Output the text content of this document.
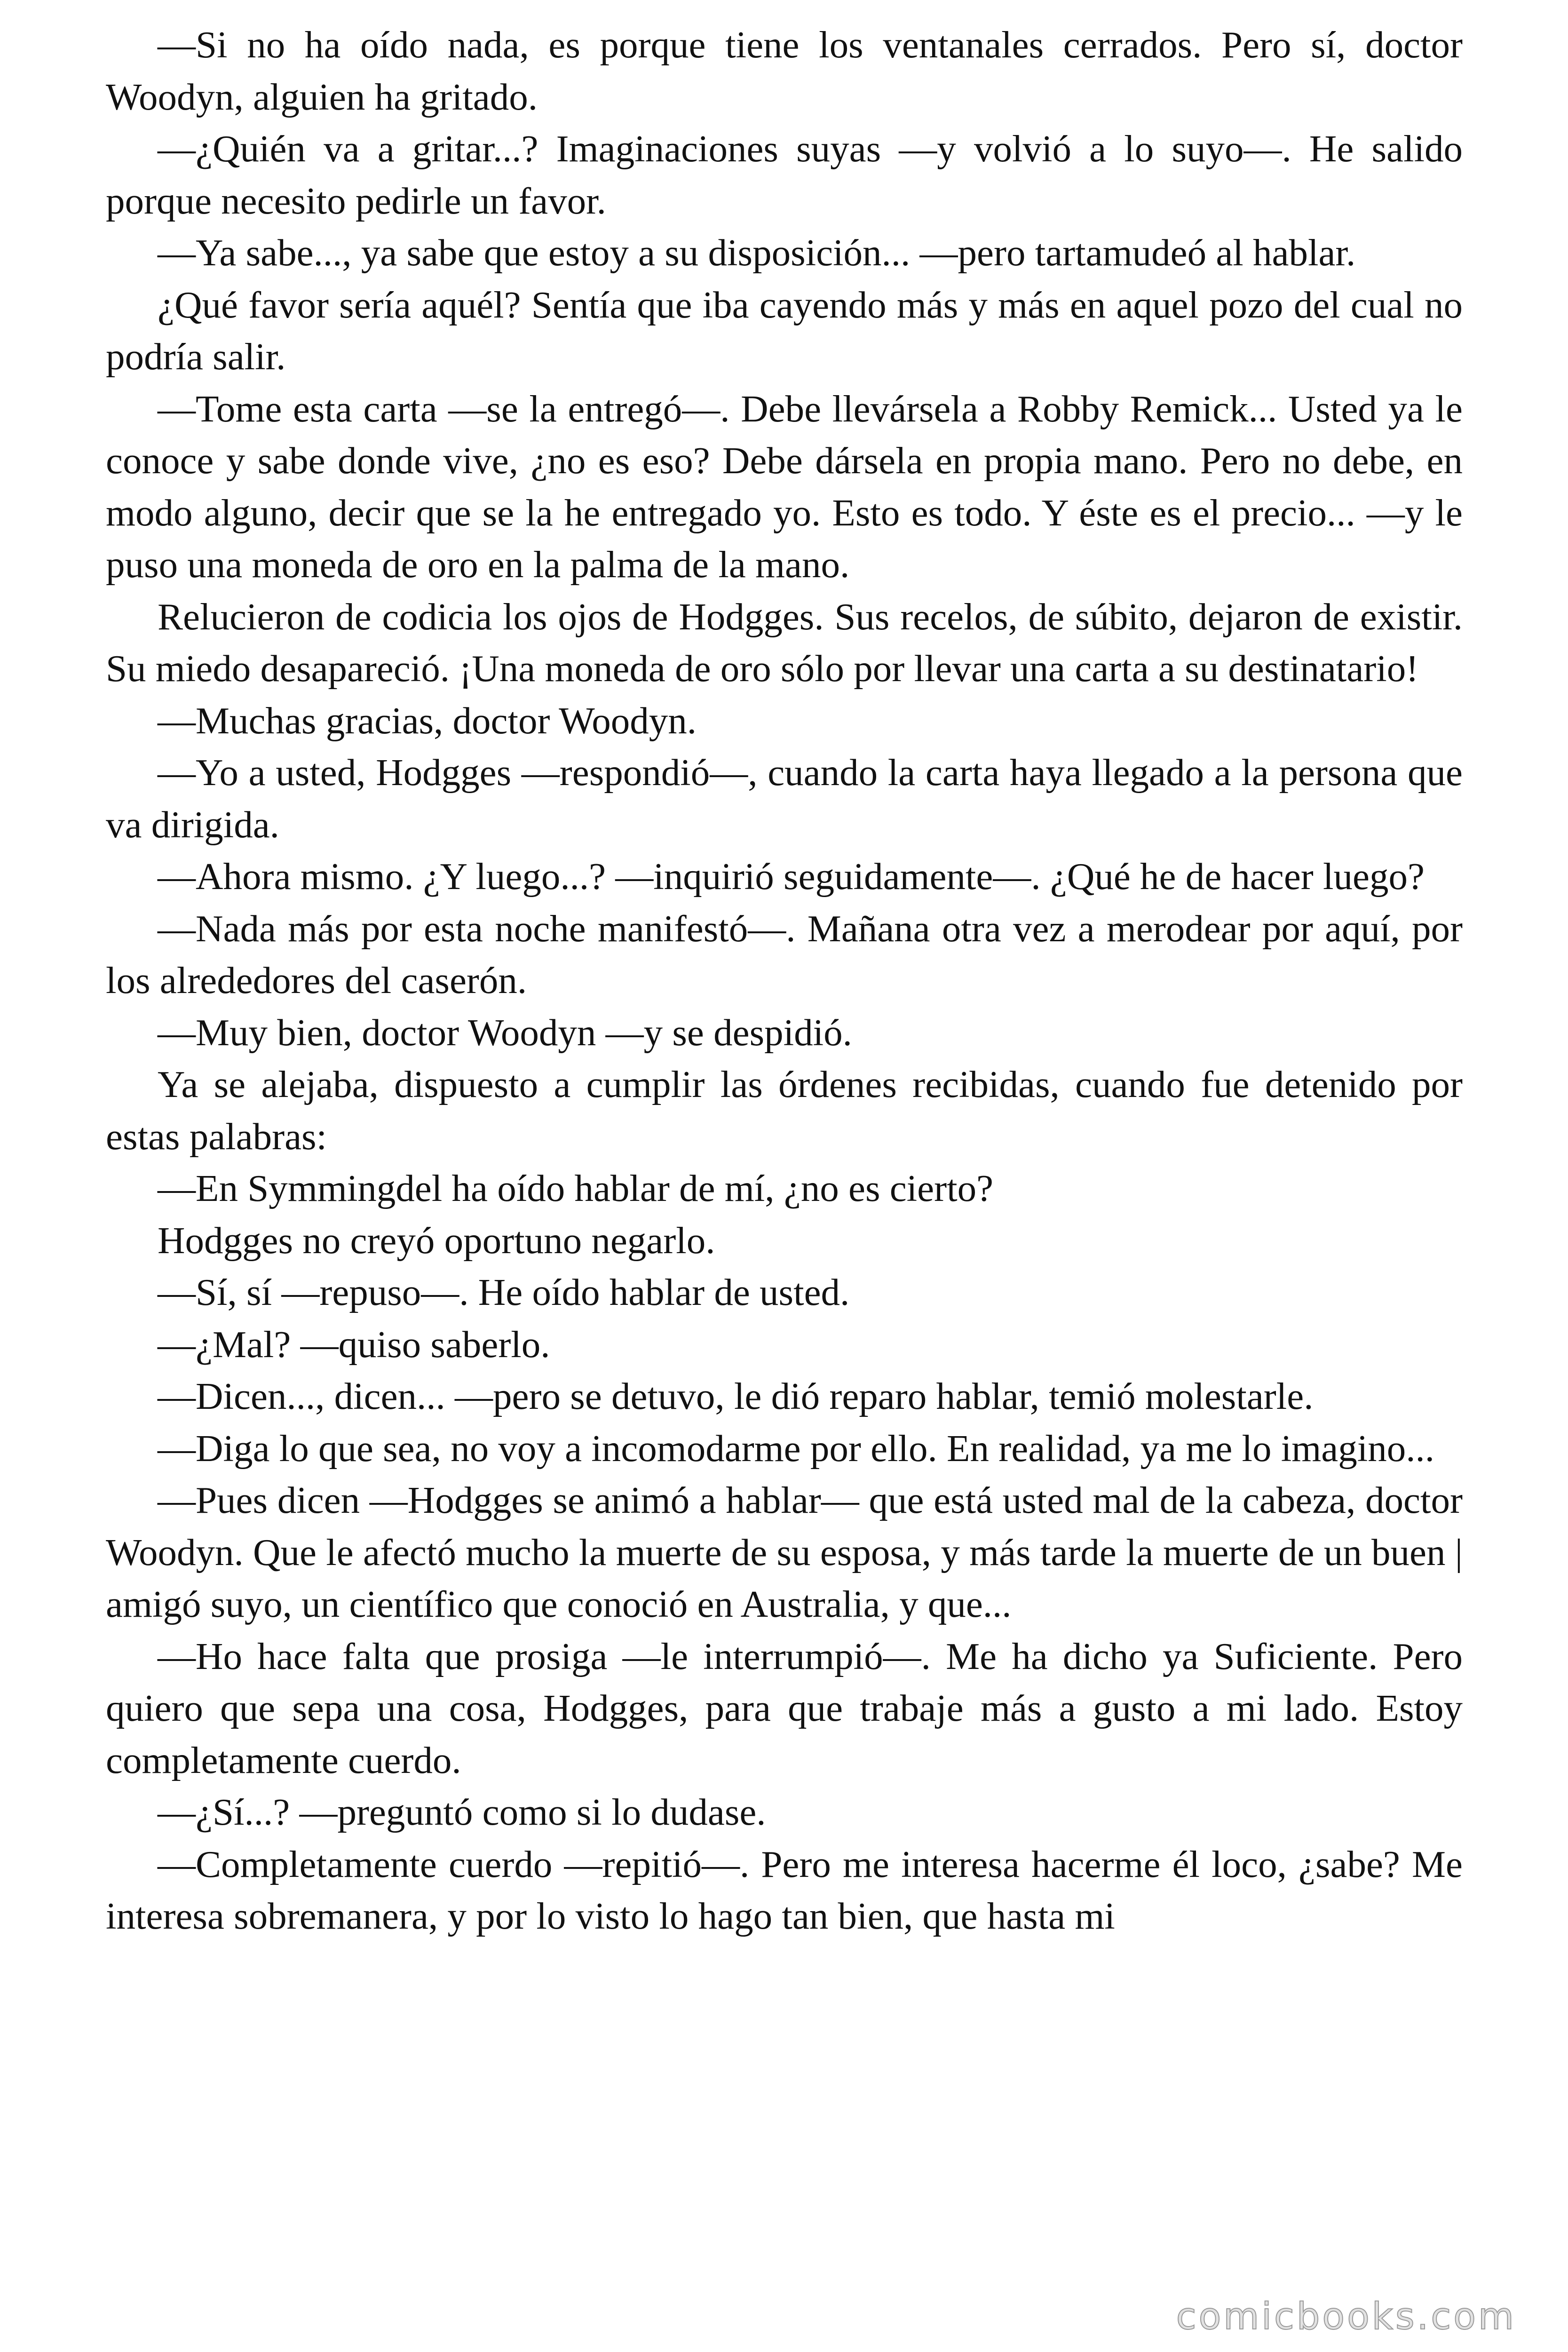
—Si no ha oído nada, es porque tiene los ventanales cerrados. Pero sí, doctor Woodyn, alguien ha gritado.

—¿Quién va a gritar...? Imaginaciones suyas —y volvió a lo suyo—. He salido porque necesito pedirle un favor.

—Ya sabe..., ya sabe que estoy a su disposición... —pero tartamudeó al hablar.

¿Qué favor sería aquél? Sentía que iba cayendo más y más en aquel pozo del cual no podría salir.

—Tome esta carta —se la entregó—. Debe llevársela a Robby Remick... Usted ya le conoce y sabe donde vive, ¿no es eso? Debe dársela en propia mano. Pero no debe, en modo alguno, decir que se la he entregado yo. Esto es todo. Y éste es el precio... —y le puso una moneda de oro en la palma de la mano.

Relucieron de codicia los ojos de Hodgges. Sus recelos, de súbito, dejaron de existir. Su miedo desapareció. ¡Una moneda de oro sólo por llevar una carta a su destinatario!

—Muchas gracias, doctor Woodyn.

—Yo a usted, Hodgges —respondió—, cuando la carta haya llegado a la persona que va dirigida.

—Ahora mismo. ¿Y luego...? —inquirió seguidamente—. ¿Qué he de hacer luego?

—Nada más por esta noche manifestó—. Mañana otra vez a merodear por aquí, por los alrededores del caserón.

—Muy bien, doctor Woodyn —y se despidió.

Ya se alejaba, dispuesto a cumplir las órdenes recibidas, cuando fue detenido por estas palabras:

—En Symmingdel ha oído hablar de mí, ¿no es cierto?

Hodgges no creyó oportuno negarlo.

—Sí, sí —repuso—. He oído hablar de usted.

—¿Mal? —quiso saberlo.

—Dicen..., dicen... —pero se detuvo, le dió reparo hablar, temió molestarle.

—Diga lo que sea, no voy a incomodarme por ello. En realidad, ya me lo imagino...

—Pues dicen —Hodgges se animó a hablar— que está usted mal de la cabeza, doctor Woodyn. Que le afectó mucho la muerte de su esposa, y más tarde la muerte de un buen | amigó suyo, un científico que conoció en Australia, y que...

—Ho hace falta que prosiga —le interrumpió—. Me ha dicho ya Suficiente. Pero quiero que sepa una cosa, Hodgges, para que trabaje más a gusto a mi lado. Estoy completamente cuerdo.

—¿Sí...? —preguntó como si lo dudase.

—Completamente cuerdo —repitió—. Pero me interesa hacerme él loco, ¿sabe? Me interesa sobremanera, y por lo visto lo hago tan bien, que hasta mi

comicbooks.com
